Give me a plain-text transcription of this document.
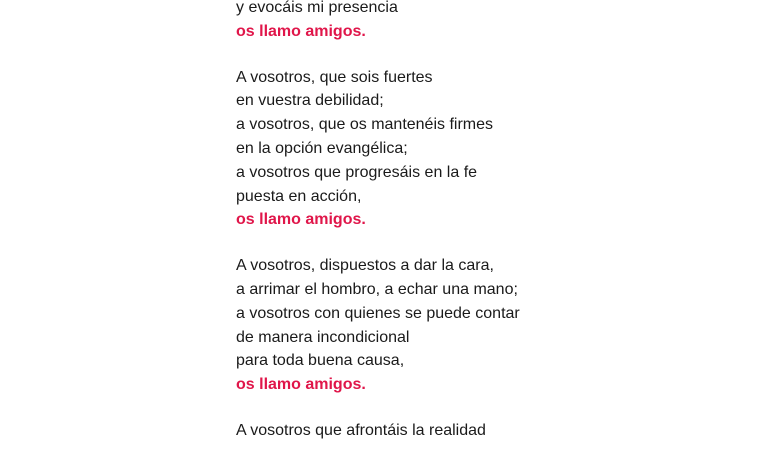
y evocáis mi presencia
os llamo amigos.
A vosotros, que sois fuertes
en vuestra debilidad;
a vosotros, que os mantenéis firmes
en la opción evangélica;
a vosotros que progresáis en la fe
puesta en acción,
os llamo amigos.
A vosotros, dispuestos a dar la cara,
a arrimar el hombro, a echar una mano;
a vosotros con quienes se puede contar
de manera incondicional
para toda buena causa,
os llamo amigos.
A vosotros que afrontáis la realidad
